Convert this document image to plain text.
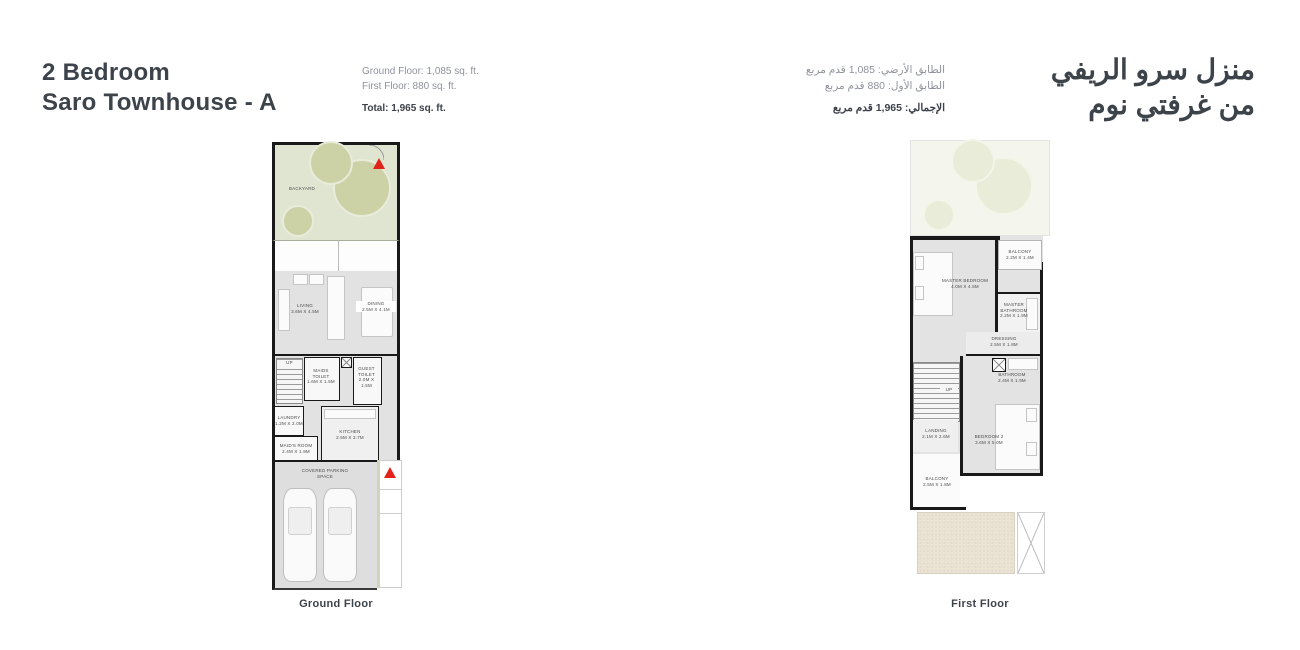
2 Bedroom
Saro Townhouse - A
Ground Floor: 1,085 sq. ft.
First Floor: 880 sq. ft.
Total: 1,965 sq. ft.
الطابق الأرضي: 1,085 قدم مربع
الطابق الأول: 880 قدم مربع
الإجمالي: 1,965 قدم مربع
منزل سرو الريفي
من غرفتي نوم
BACKYARD
LIVING
3.6M X 4.5M
DINING
2.5M X 4.1M
UP
MAIDS TOILET
1.6M X 1.5M
GUEST TOILET
2.0M X 1.5M
LAUNDRY
1.2M X 2.0M
MAID'S ROOM
2.4M X 1.9M
KITCHEN
2.5M X 3.7M
COVERED PARKING SPACE
Ground Floor
BALCONY
2.2M X 1.4M
MASTER BEDROOM
4.0M X 4.5M
MASTER BATHROOM
2.2M X 1.9M
DRESSING
2.5M X 1.8M
BATHROOM
2.4M X 1.9M
UP
LANDING
2.1M X 2.6M	BEDROOM 2
3.6M X 5.0M
BALCONY
2.5M X 1.8M
First Floor
